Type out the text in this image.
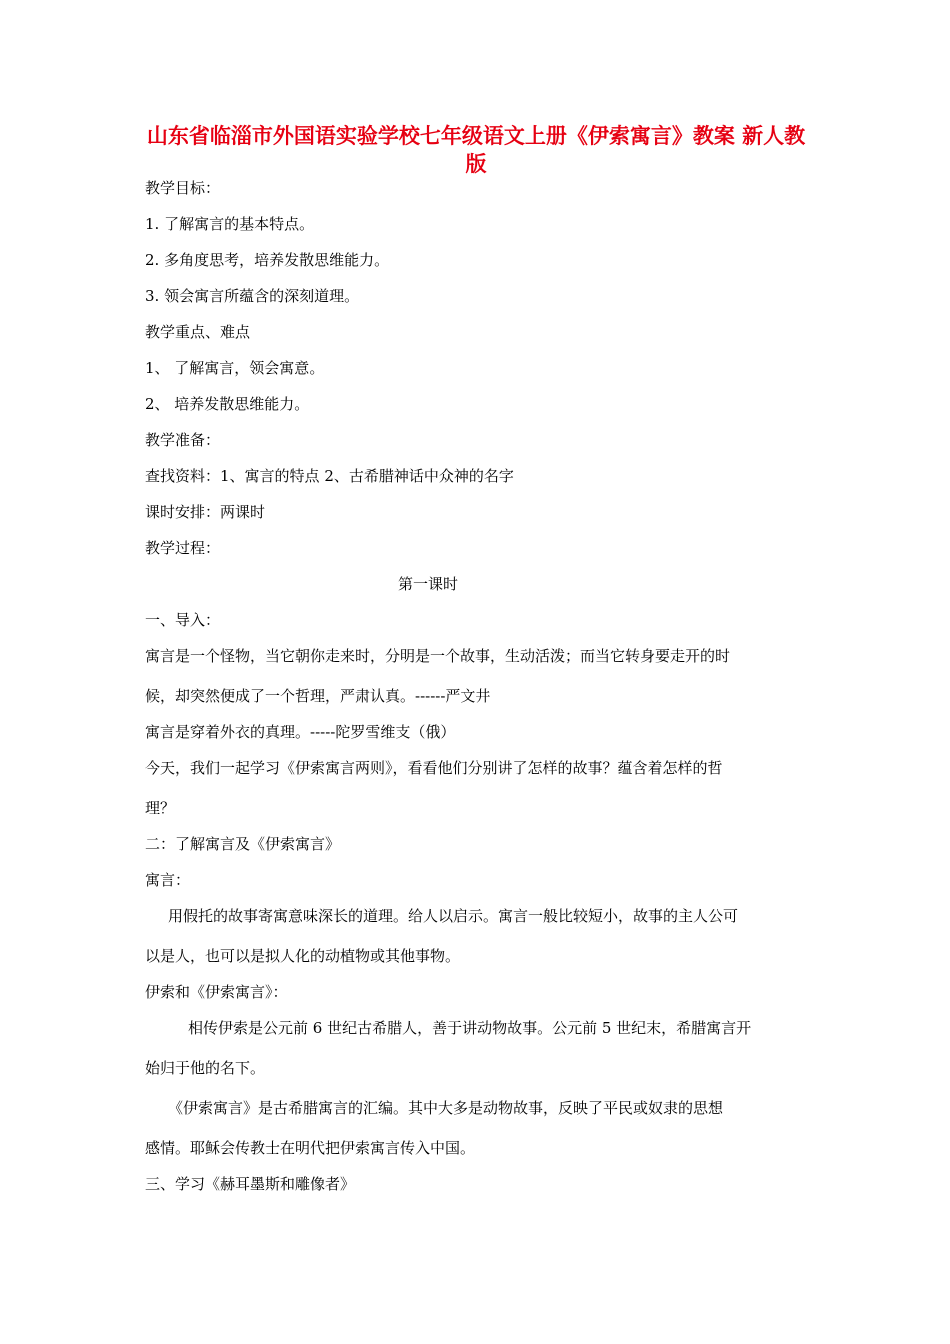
山东省临淄市外国语实验学校七年级语文上册《伊索寓言》教案 新人教版
教学目标：
1. 了解寓言的基本特点。
2. 多角度思考，培养发散思维能力。
3. 领会寓言所蕴含的深刻道理。
教学重点、难点
1、 了解寓言，领会寓意。
2、 培养发散思维能力。
教学准备：
查找资料：1、寓言的特点 2、古希腊神话中众神的名字
课时安排：两课时
教学过程：
第一课时
一、导入：
寓言是一个怪物，当它朝你走来时，分明是一个故事，生动活泼；而当它转身要走开的时
候，却突然便成了一个哲理，严肃认真。------严文井
寓言是穿着外衣的真理。-----陀罗雪维支（俄）
今天，我们一起学习《伊索寓言两则》，看看他们分别讲了怎样的故事？蕴含着怎样的哲
理？
二：了解寓言及《伊索寓言》
寓言：
用假托的故事寄寓意味深长的道理。给人以启示。寓言一般比较短小，故事的主人公可
以是人，也可以是拟人化的动植物或其他事物。
伊索和《伊索寓言》：
相传伊索是公元前 6 世纪古希腊人，善于讲动物故事。公元前 5 世纪末，希腊寓言开
始归于他的名下。
《伊索寓言》是古希腊寓言的汇编。其中大多是动物故事，反映了平民或奴隶的思想
感情。耶稣会传教士在明代把伊索寓言传入中国。
三、学习《赫耳墨斯和雕像者》
